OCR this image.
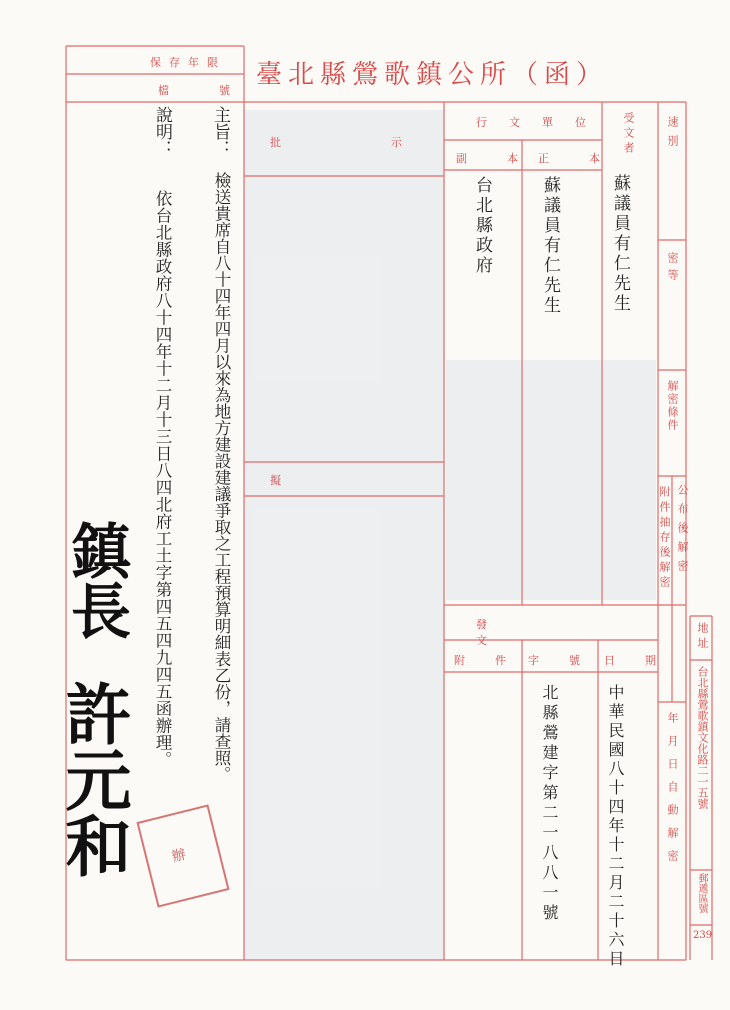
臺北縣鶯歌鎮公所（函）
保存年限
檔號
行文單位
副本
正本
批示
擬
受文者	速別
密等
解密條件
公布後解密
附件抽存後解密
年月日自動解密
地址
台北縣鶯歌鎮文化路二一五號
郵遞區號
239
發文
日期
字號
附件
蘇議員有仁先生
蘇議員有仁先生
台北縣政府
中華民國八十四年十二月二十六日
北縣鶯建字第二一八八一號
主旨：
檢送貴席自八十四年四月以來為地方建設建議爭取之工程預算明細表乙份，請查照。
說明：
依台北縣政府八十四年十二月十三日八四北府工土字第四五四九四五函辦理。
鎮長
許元和	辦
